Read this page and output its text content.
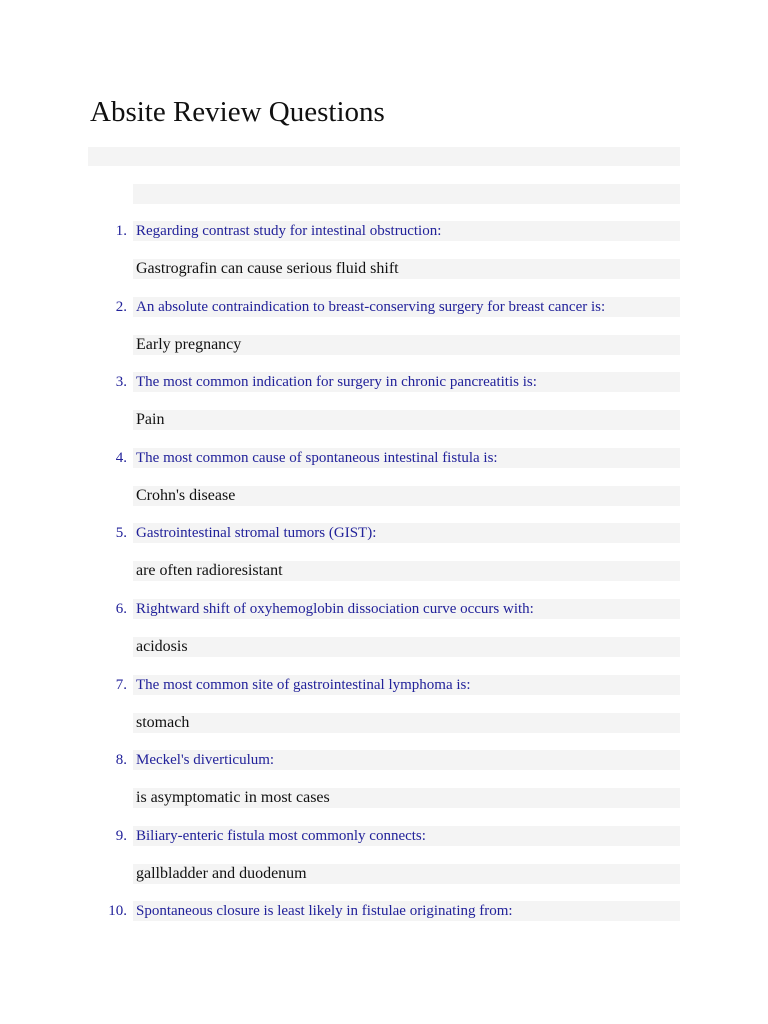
Absite Review Questions
1. Regarding contrast study for intestinal obstruction:
Gastrografin can cause serious fluid shift
2. An absolute contraindication to breast-conserving surgery for breast cancer is:
Early pregnancy
3. The most common indication for surgery in chronic pancreatitis is:
Pain
4. The most common cause of spontaneous intestinal fistula is:
Crohn's disease
5. Gastrointestinal stromal tumors (GIST):
are often radioresistant
6. Rightward shift of oxyhemoglobin dissociation curve occurs with:
acidosis
7. The most common site of gastrointestinal lymphoma is:
stomach
8. Meckel's diverticulum:
is asymptomatic in most cases
9. Biliary-enteric fistula most commonly connects:
gallbladder and duodenum
10. Spontaneous closure is least likely in fistulae originating from:
